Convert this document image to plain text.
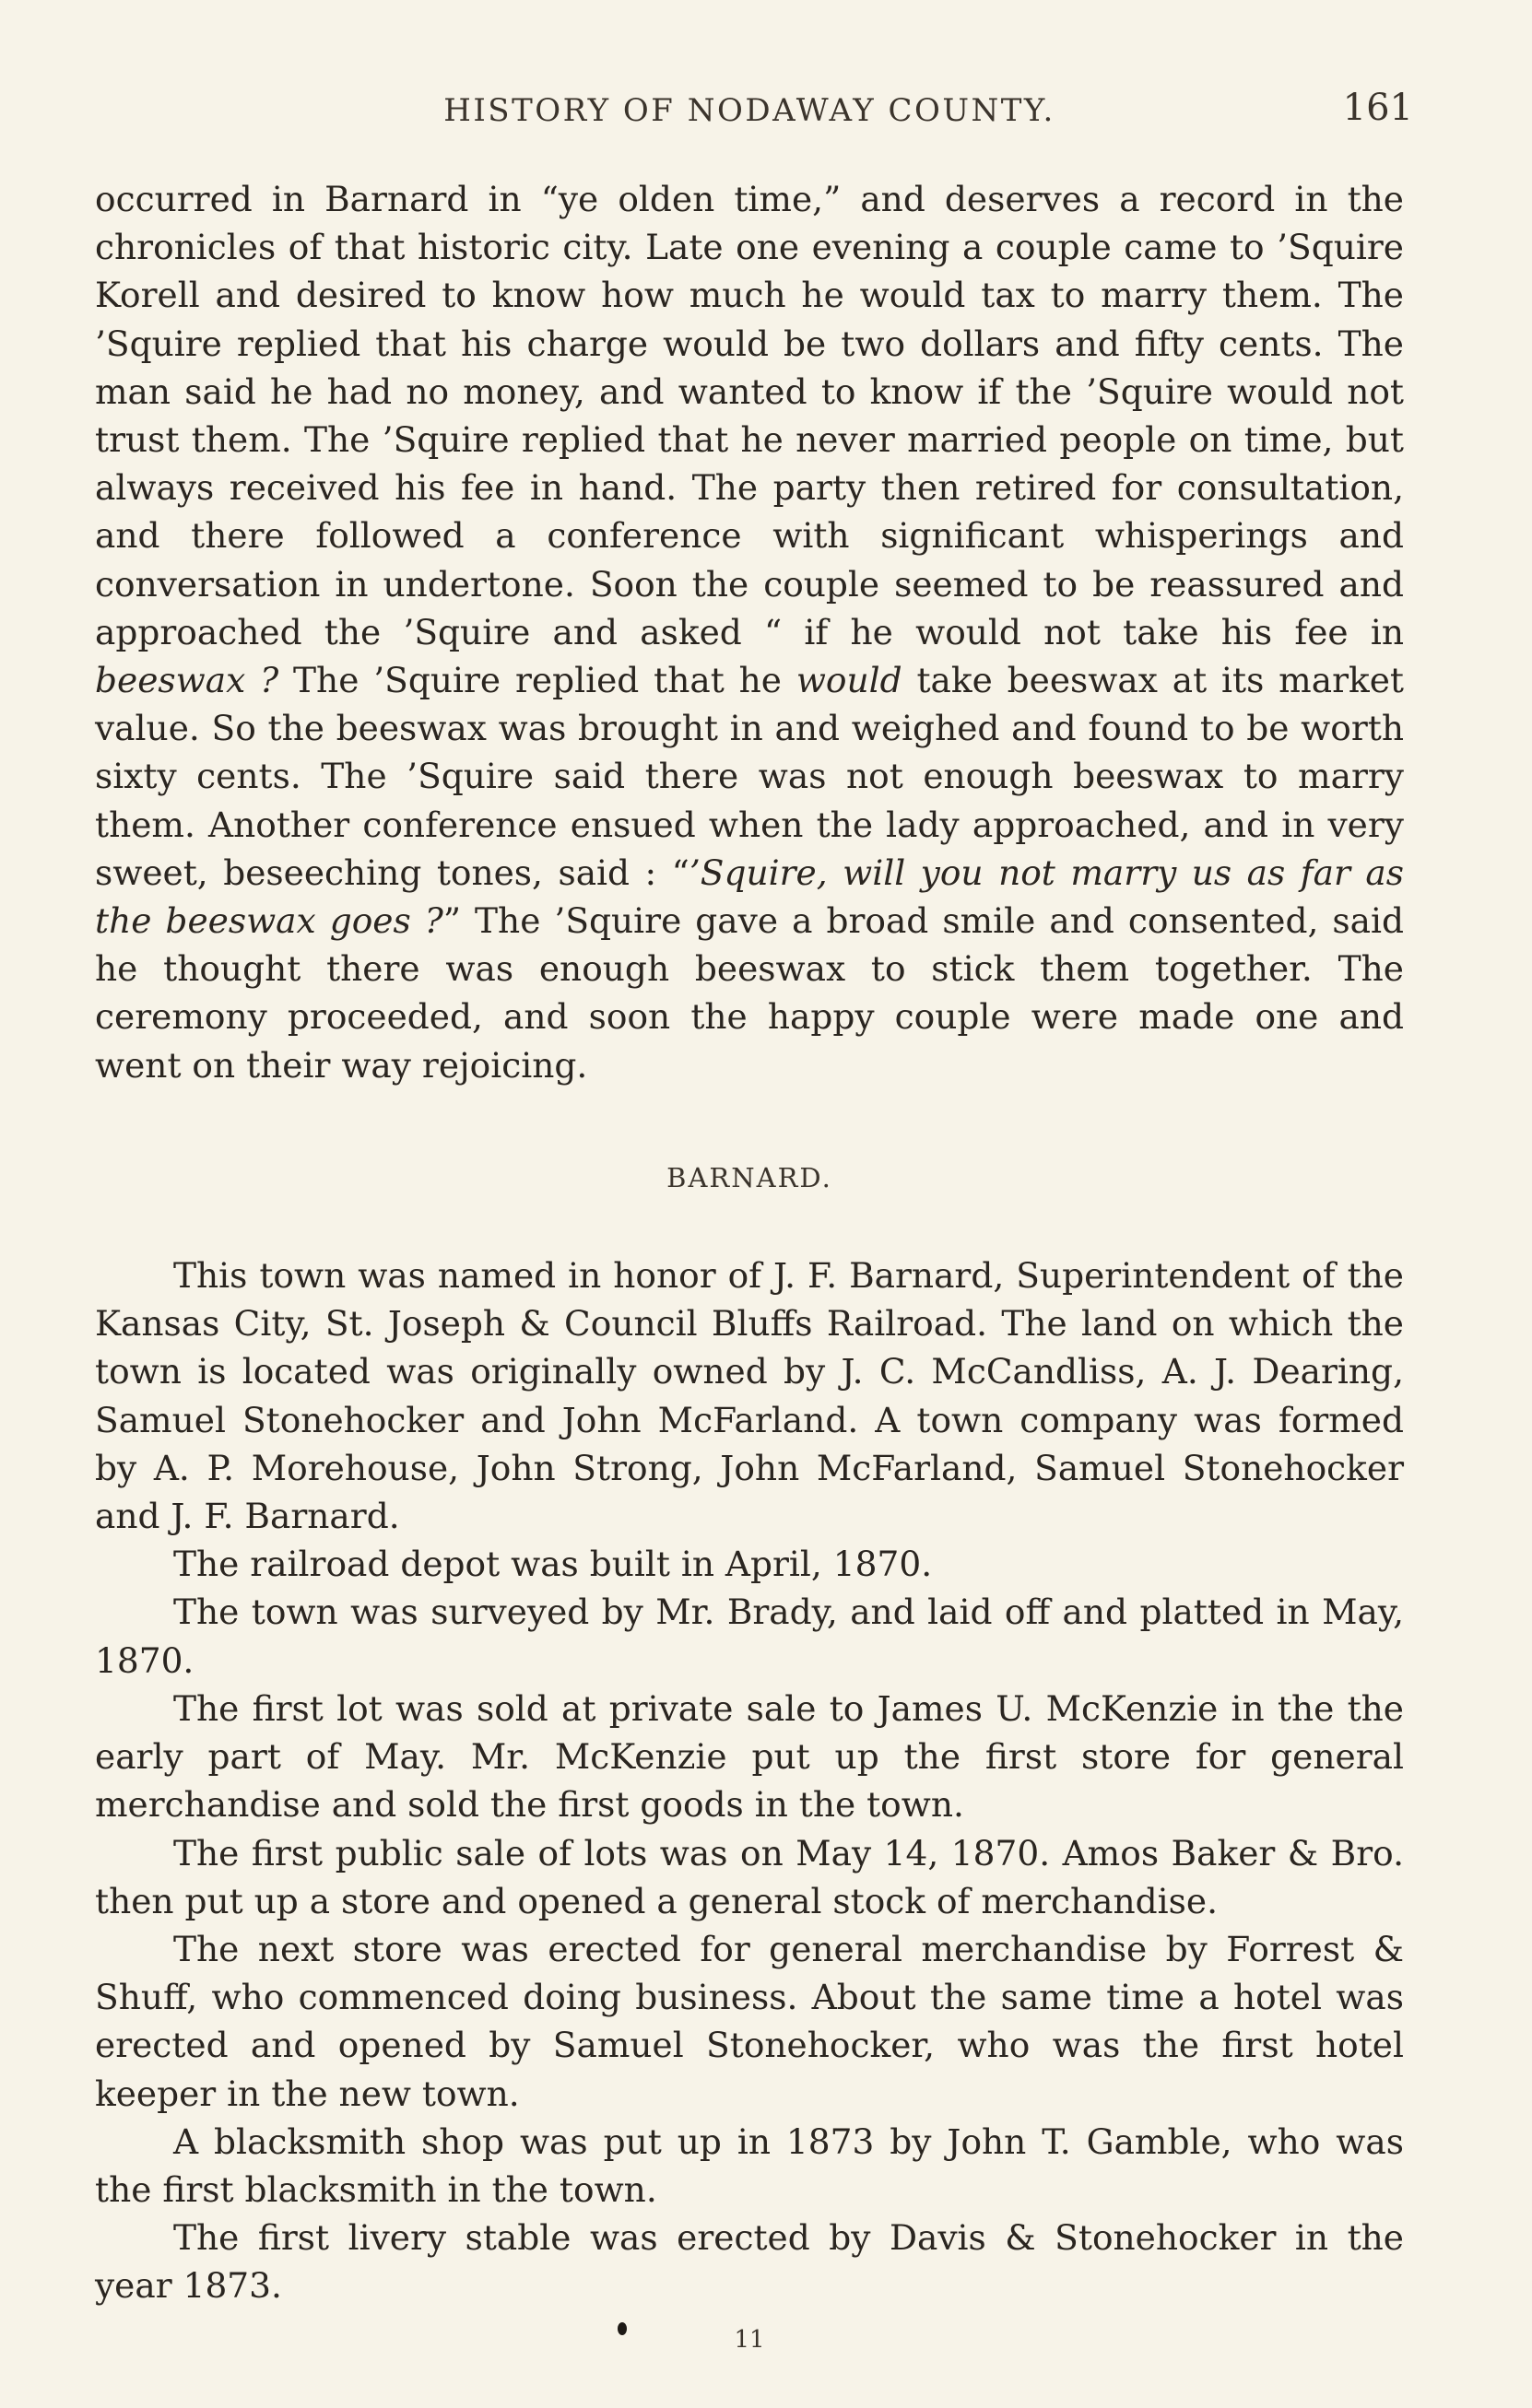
HISTORY OF NODAWAY COUNTY.	161

occurred in Barnard in “ye olden time,” and deserves a record in the chronicles of that historic city. Late one evening a couple came to ’Squire Korell and desired to know how much he would tax to marry them. The ’Squire replied that his charge would be two dollars and fifty cents. The man said he had no money, and wanted to know if the ’Squire would not trust them. The ’Squire replied that he never married people on time, but always received his fee in hand. The party then retired for consultation, and there followed a conference with significant whisperings and conversation in undertone. Soon the couple seemed to be reassured and approached the ’Squire and asked “ if he would not take his fee in beeswax ? The ’Squire replied that he would take beeswax at its market value. So the beeswax was brought in and weighed and found to be worth sixty cents. The ’Squire said there was not enough beeswax to marry them. Another conference ensued when the lady approached, and in very sweet, beseeching tones, said : “’Squire, will you not marry us as far as the beeswax goes ?” The ’Squire gave a broad smile and consented, said he thought there was enough beeswax to stick them together. The ceremony proceeded, and soon the happy couple were made one and went on their way rejoicing.

BARNARD.

This town was named in honor of J. F. Barnard, Superintendent of the Kansas City, St. Joseph & Council Bluffs Railroad. The land on which the town is located was originally owned by J. C. McCandliss, A. J. Dearing, Samuel Stonehocker and John McFarland. A town company was formed by A. P. Morehouse, John Strong, John McFarland, Samuel Stonehocker and J. F. Barnard.

The railroad depot was built in April, 1870.

The town was surveyed by Mr. Brady, and laid off and platted in May, 1870.

The first lot was sold at private sale to James U. McKenzie in the the early part of May. Mr. McKenzie put up the first store for general merchandise and sold the first goods in the town.

The first public sale of lots was on May 14, 1870. Amos Baker & Bro. then put up a store and opened a general stock of merchandise.

The next store was erected for general merchandise by Forrest & Shuff, who commenced doing business. About the same time a hotel was erected and opened by Samuel Stonehocker, who was the first hotel keeper in the new town.

A blacksmith shop was put up in 1873 by John T. Gamble, who was the first blacksmith in the town.

The first livery stable was erected by Davis & Stonehocker in the year 1873.

11
